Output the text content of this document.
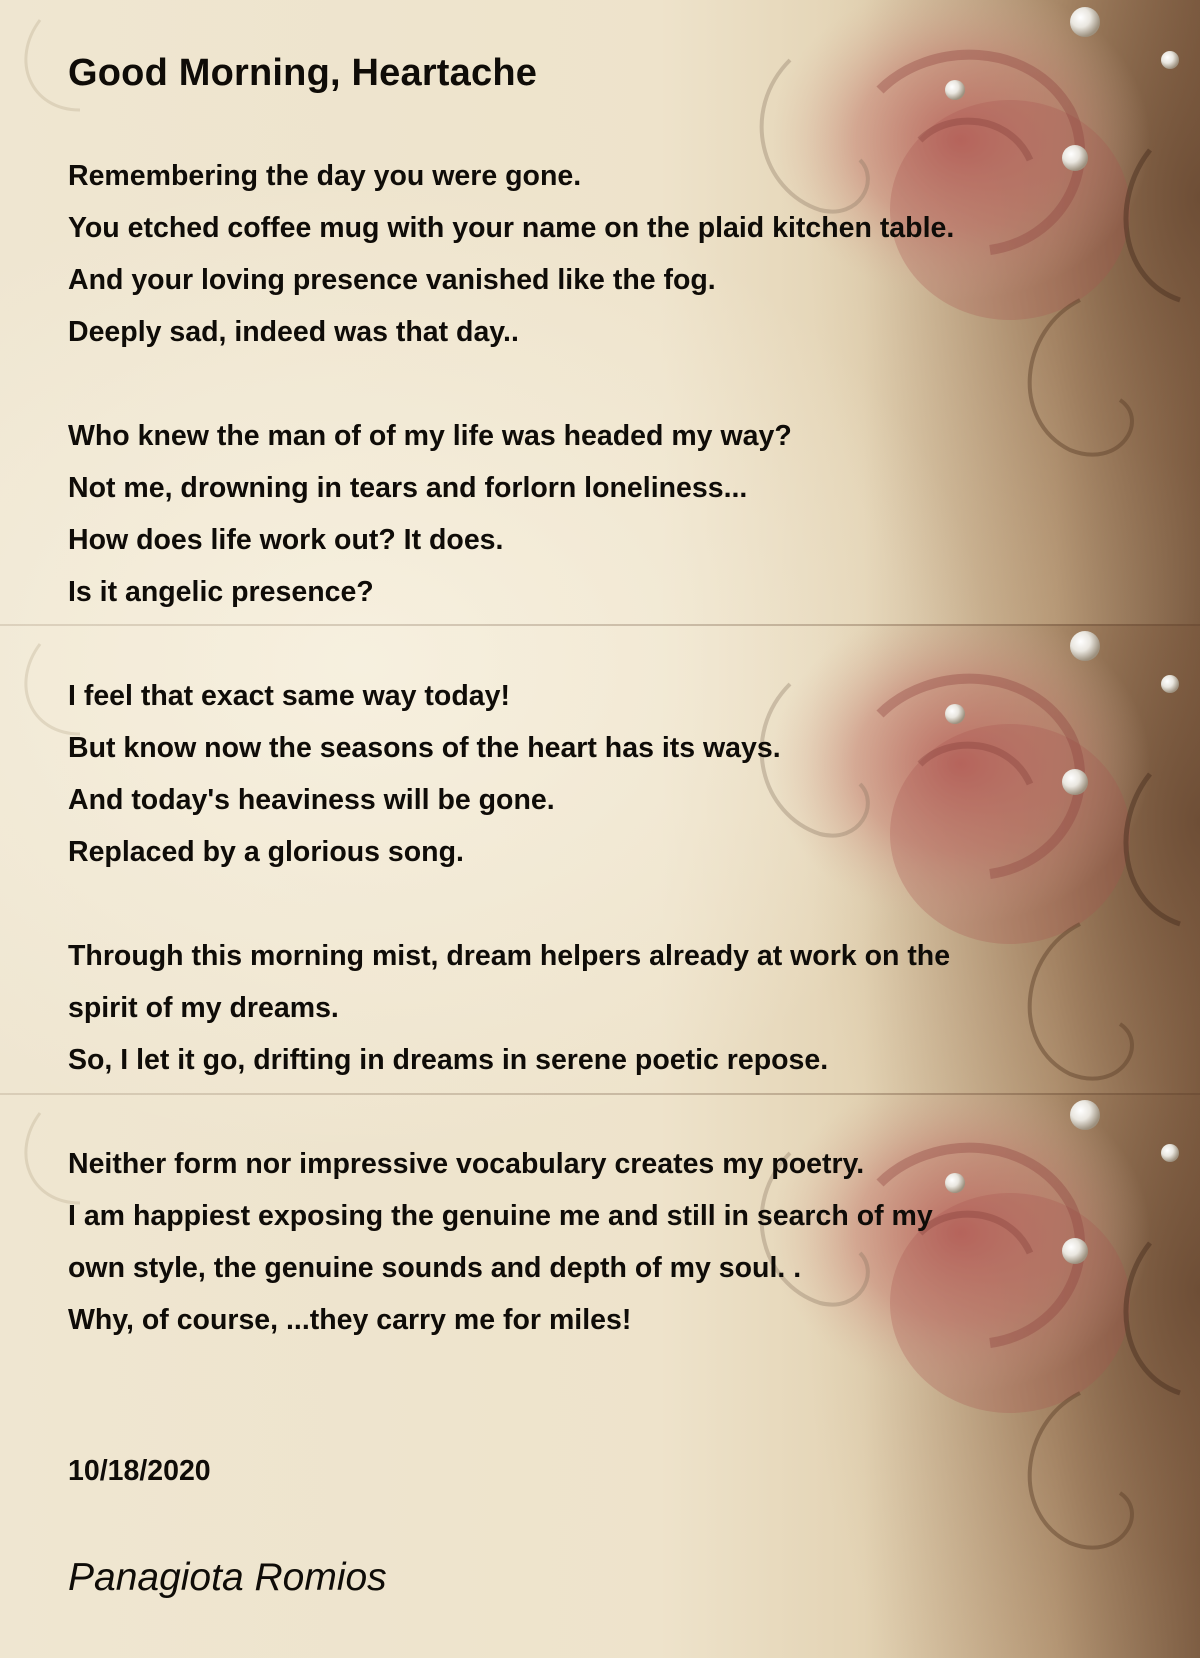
Good Morning, Heartache
Remembering the day you were gone.
You etched coffee mug with your name on the plaid kitchen table.
And your loving presence vanished like the fog.
Deeply sad, indeed was that day..
Who knew the man of of my life was headed my way?
Not me, drowning in tears and forlorn loneliness...
How does life work out? It does.
Is it angelic presence?
I feel that exact same way today!
But know now the seasons of the heart has its ways.
And today's heaviness will be gone.
Replaced by a glorious song.
Through this morning mist, dream helpers already at work on the
spirit of my dreams.
So, I let it go, drifting in dreams in serene poetic repose.
Neither form nor impressive vocabulary creates my poetry.
I am happiest exposing the genuine me and still in search of my
own style, the genuine sounds and depth of my soul. .
Why, of course, ...they carry me for miles!
10/18/2020
Panagiota Romios
